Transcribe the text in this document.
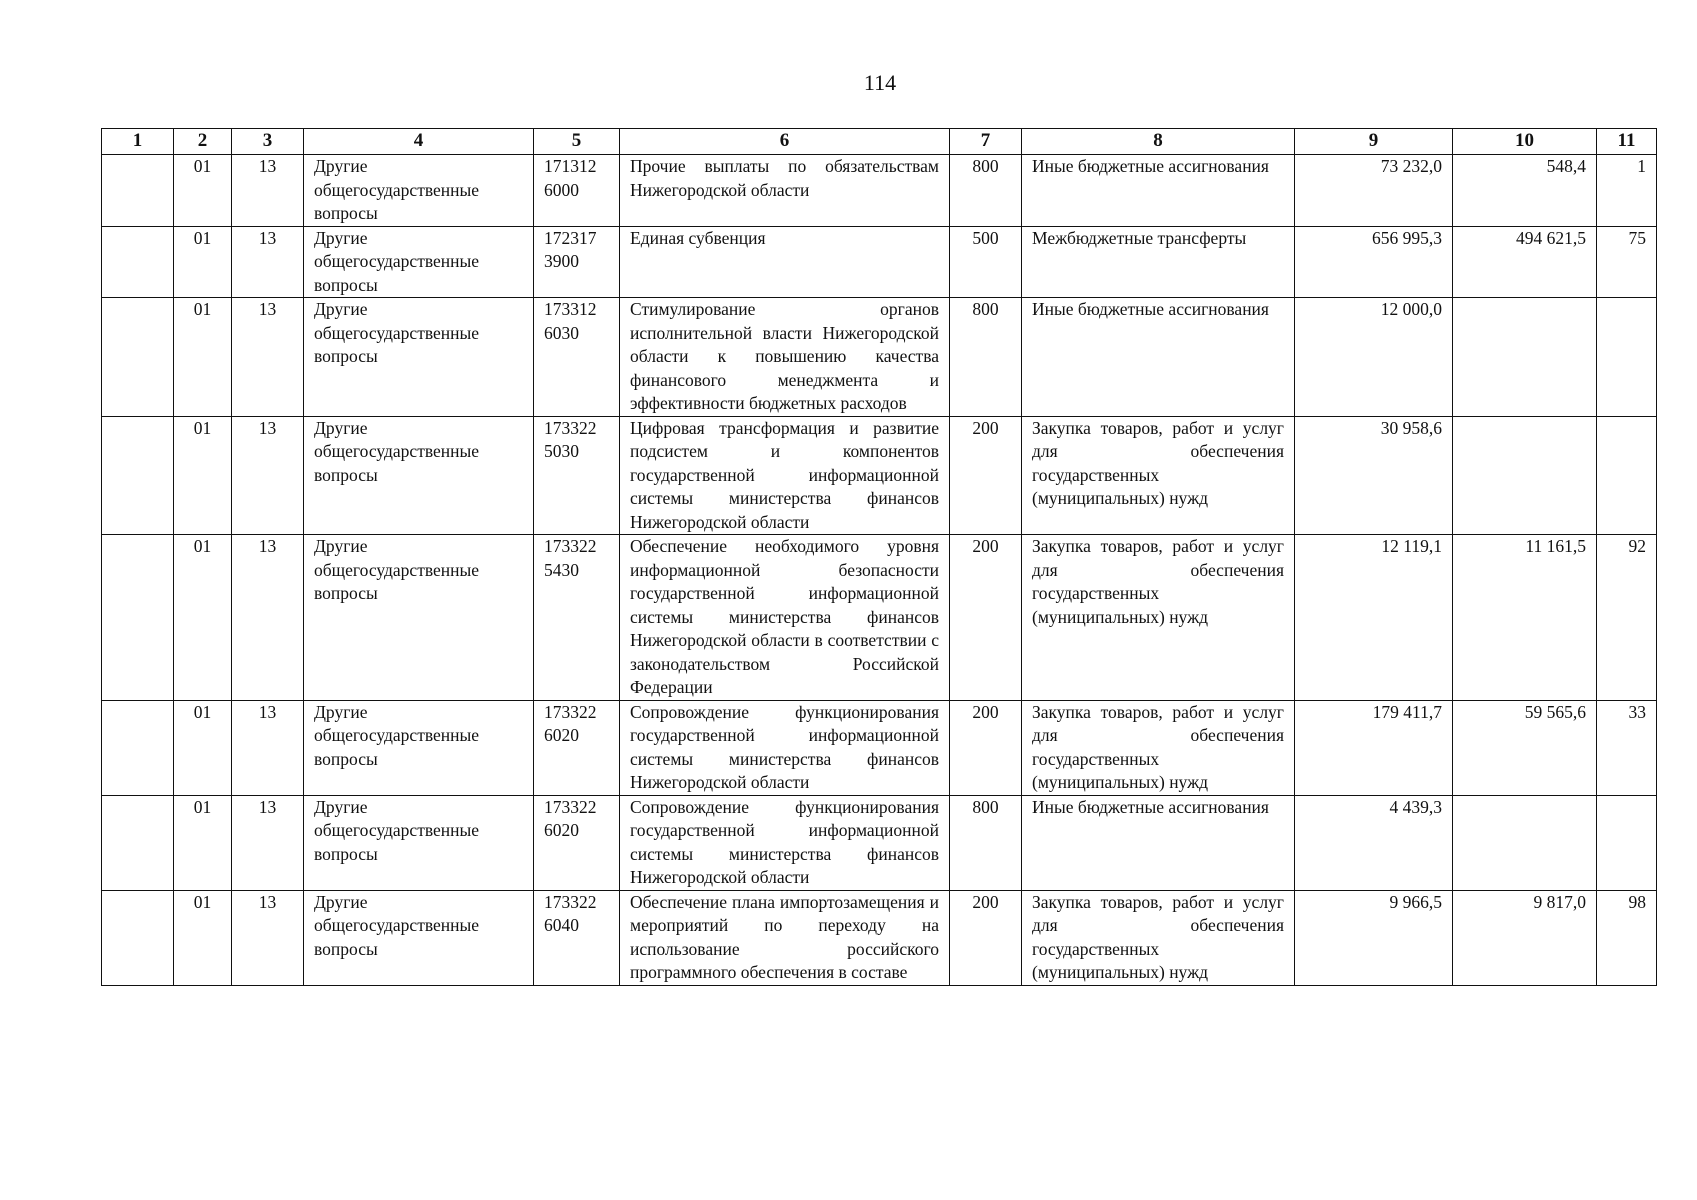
114
1	2	3	4	5	6	7	8	9	10	11
	01	13	Другие общегосударственные вопросы	171312 6000	Прочие выплаты по обязательствам Нижегородской области	800	Иные бюджетные ассигнования	73 232,0	548,4	1
	01	13	Другие общегосударственные вопросы	172317 3900	Единая субвенция	500	Межбюджетные трансферты	656 995,3	494 621,5	75
	01	13	Другие общегосударственные вопросы	173312 6030	Стимулирование органов исполнительной власти Нижегородской области к повышению качества финансового менеджмента и эффективности бюджетных расходов	800	Иные бюджетные ассигнования	12 000,0		
	01	13	Другие общегосударственные вопросы	173322 5030	Цифровая трансформация и развитие подсистем и компонентов государственной информационной системы министерства финансов Нижегородской области	200	Закупка товаров, работ и услуг для обеспечения государственных (муниципальных) нужд	30 958,6		
	01	13	Другие общегосударственные вопросы	173322 5430	Обеспечение необходимого уровня информационной безопасности государственной информационной системы министерства финансов Нижегородской области в соответствии с законодательством Российской Федерации	200	Закупка товаров, работ и услуг для обеспечения государственных (муниципальных) нужд	12 119,1	11 161,5	92
	01	13	Другие общегосударственные вопросы	173322 6020	Сопровождение функционирования государственной информационной системы министерства финансов Нижегородской области	200	Закупка товаров, работ и услуг для обеспечения государственных (муниципальных) нужд	179 411,7	59 565,6	33
	01	13	Другие общегосударственные вопросы	173322 6020	Сопровождение функционирования государственной информационной системы министерства финансов Нижегородской области	800	Иные бюджетные ассигнования	4 439,3		
	01	13	Другие общегосударственные вопросы	173322 6040	Обеспечение плана импортозамещения и мероприятий по переходу на использование российского программного обеспечения в составе	200	Закупка товаров, работ и услуг для обеспечения государственных (муниципальных) нужд	9 966,5	9 817,0	98
